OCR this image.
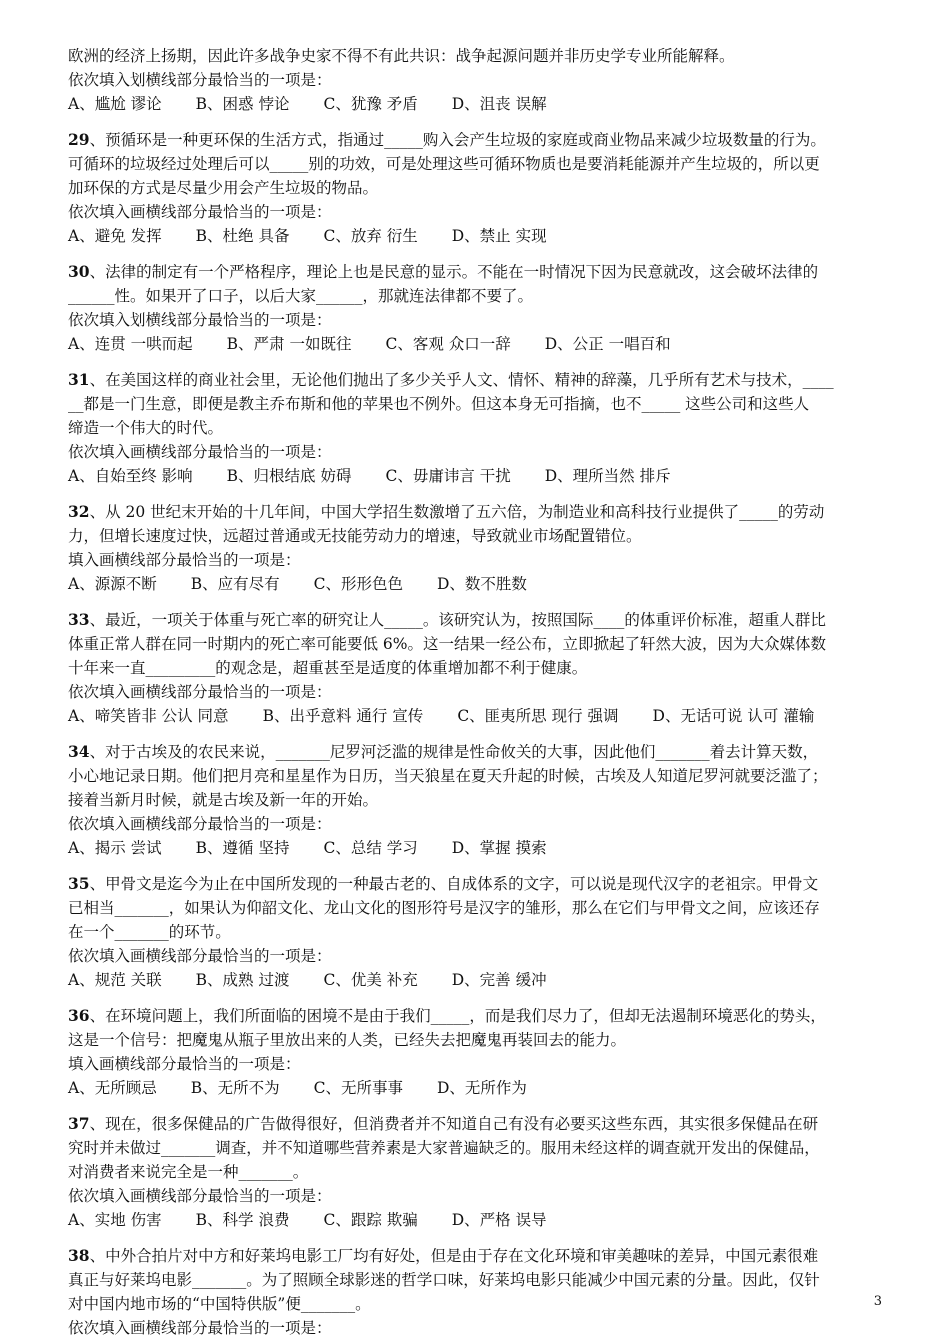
欧洲的经济上扬期，因此许多战争史家不得不有此共识：战争起源问题并非历史学专业所能解释。

依次填入划横线部分最恰当的一项是：

A、尴尬 谬论 B、困惑 悖论 C、犹豫 矛盾 D、沮丧 误解

29、预循环是一种更环保的生活方式，指通过_____购入会产生垃圾的家庭或商业物品来减少垃圾数量的行为。

可循环的垃圾经过处理后可以_____别的功效，可是处理这些可循环物质也是要消耗能源并产生垃圾的，所以更

加环保的方式是尽量少用会产生垃圾的物品。

依次填入画横线部分最恰当的一项是：

A、避免 发挥 B、杜绝 具备 C、放弃 衍生 D、禁止 实现

30、法律的制定有一个严格程序，理论上也是民意的显示。不能在一时情况下因为民意就改，这会破坏法律的

______性。如果开了口子，以后大家______，那就连法律都不要了。

依次填入划横线部分最恰当的一项是：

A、连贯 一哄而起 B、严肃 一如既往 C、客观 众口一辞 D、公正 一唱百和

31、在美国这样的商业社会里，无论他们抛出了多少关乎人文、情怀、精神的辞藻，几乎所有艺术与技术，____

__都是一门生意，即便是教主乔布斯和他的苹果也不例外。但这本身无可指摘，也不_____ 这些公司和这些人

缔造一个伟大的时代。

依次填入画横线部分最恰当的一项是：

A、自始至终 影响 B、归根结底 妨碍 C、毋庸讳言 干扰 D、理所当然 排斥

32、从 20 世纪末开始的十几年间，中国大学招生数激增了五六倍，为制造业和高科技行业提供了_____的劳动

力，但增长速度过快，远超过普通或无技能劳动力的增速，导致就业市场配置错位。

填入画横线部分最恰当的一项是：

A、源源不断 B、应有尽有 C、形形色色 D、数不胜数

33、最近，一项关于体重与死亡率的研究让人_____。该研究认为，按照国际____的体重评价标准，超重人群比

体重正常人群在同一时期内的死亡率可能要低 6%。这一结果一经公布，立即掀起了轩然大波，因为大众媒体数

十年来一直_________的观念是，超重甚至是适度的体重增加都不利于健康。

依次填入画横线部分最恰当的一项是：

A、啼笑皆非 公认 同意 B、出乎意料 通行 宣传 C、匪夷所思 现行 强调 D、无话可说 认可 灌输

34、对于古埃及的农民来说，_______尼罗河泛滥的规律是性命攸关的大事，因此他们_______着去计算天数，

小心地记录日期。他们把月亮和星星作为日历，当天狼星在夏天升起的时候，古埃及人知道尼罗河就要泛滥了；

接着当新月时候，就是古埃及新一年的开始。

依次填入画横线部分最恰当的一项是：

A、揭示 尝试 B、遵循 坚持 C、总结 学习 D、掌握 摸索

35、甲骨文是迄今为止在中国所发现的一种最古老的、自成体系的文字，可以说是现代汉字的老祖宗。甲骨文

已相当_______，如果认为仰韶文化、龙山文化的图形符号是汉字的雏形，那么在它们与甲骨文之间，应该还存

在一个_______的环节。

依次填入画横线部分最恰当的一项是：

A、规范 关联 B、成熟 过渡 C、优美 补充 D、完善 缓冲

36、在环境问题上，我们所面临的困境不是由于我们_____，而是我们尽力了，但却无法遏制环境恶化的势头，

这是一个信号：把魔鬼从瓶子里放出来的人类，已经失去把魔鬼再装回去的能力。

填入画横线部分最恰当的一项是：

A、无所顾忌 B、无所不为 C、无所事事 D、无所作为

37、现在，很多保健品的广告做得很好，但消费者并不知道自己有没有必要买这些东西，其实很多保健品在研

究时并未做过_______调查，并不知道哪些营养素是大家普遍缺乏的。服用未经这样的调查就开发出的保健品，

对消费者来说完全是一种_______。

依次填入画横线部分最恰当的一项是：

A、实地 伤害 B、科学 浪费 C、跟踪 欺骗 D、严格 误导

38、中外合拍片对中方和好莱坞电影工厂均有好处，但是由于存在文化环境和审美趣味的差异，中国元素很难

真正与好莱坞电影_______。为了照顾全球影迷的哲学口味，好莱坞电影只能减少中国元素的分量。因此，仅针

对中国内地市场的“中国特供版”便_______。

依次填入画横线部分最恰当的一项是：

3
